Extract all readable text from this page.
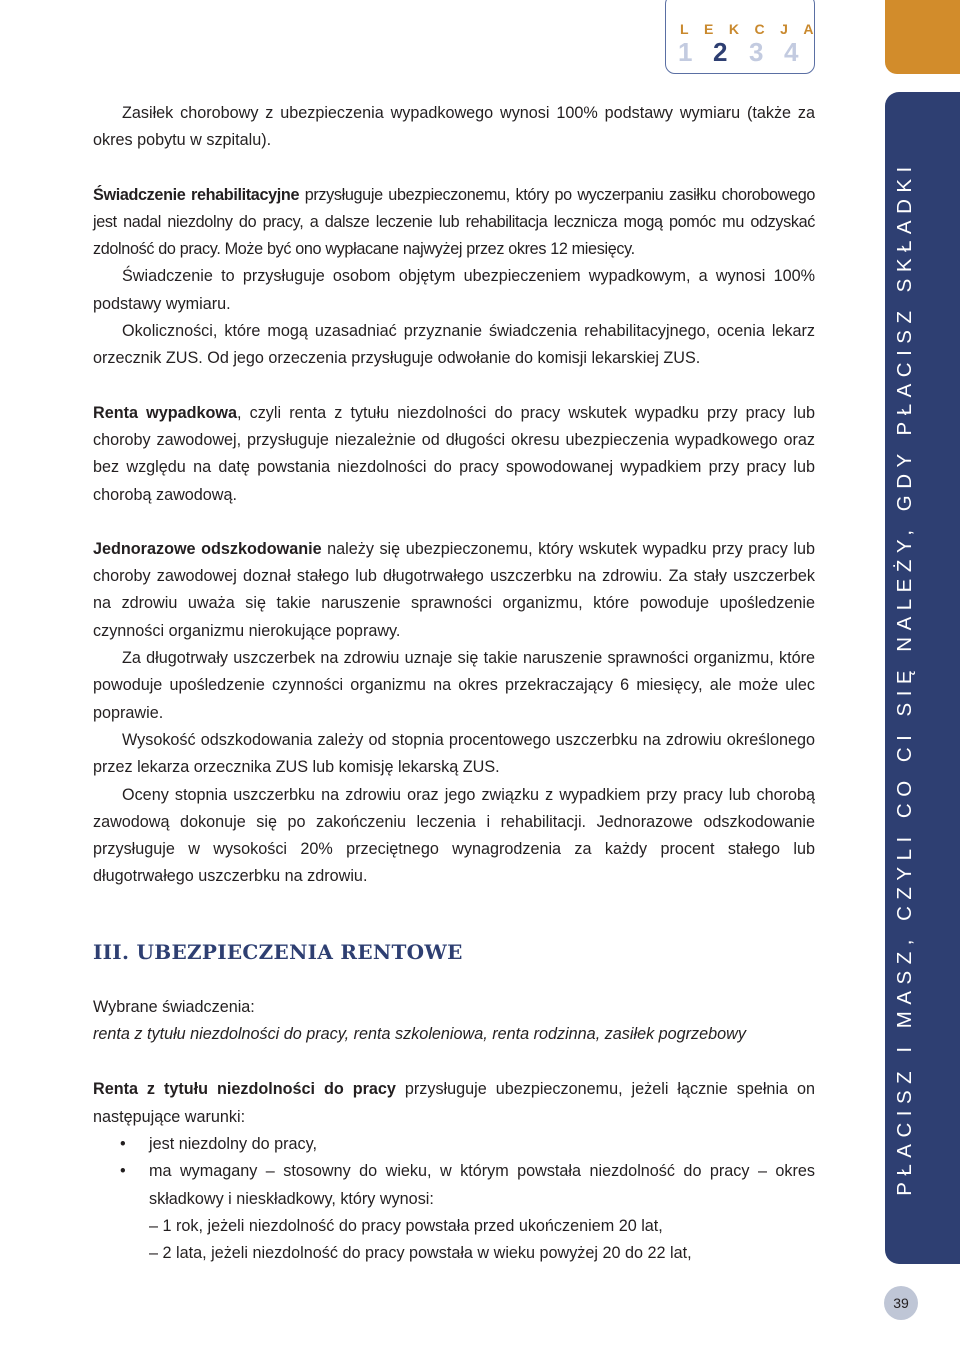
LEKCJA
1 2 3 4
PŁACISZ I MASZ, CZYLI CO CI SIĘ NALEŻY, GDY PŁACISZ SKŁADKI
39

Zasiłek chorobowy z ubezpieczenia wypadkowego wynosi 100% podstawy wymiaru (także za okres pobytu w szpitalu).

Świadczenie rehabilitacyjne przysługuje ubezpieczonemu, który po wyczerpaniu zasiłku chorobowego jest nadal niezdolny do pracy, a dalsze leczenie lub rehabilitacja lecznicza mogą pomóc mu odzyskać zdolność do pracy. Może być ono wypłacane najwyżej przez okres 12 miesięcy.

Świadczenie to przysługuje osobom objętym ubezpieczeniem wypadkowym, a wynosi 100% podstawy wymiaru.

Okoliczności, które mogą uzasadniać przyznanie świadczenia rehabilitacyjnego, ocenia lekarz orzecznik ZUS. Od jego orzeczenia przysługuje odwołanie do komisji lekarskiej ZUS.

Renta wypadkowa, czyli renta z tytułu niezdolności do pracy wskutek wypadku przy pracy lub choroby zawodowej, przysługuje niezależnie od długości okresu ubezpieczenia wypadkowego oraz bez względu na datę powstania niezdolności do pracy spowodowanej wypadkiem przy pracy lub chorobą zawodową.

Jednorazowe odszkodowanie należy się ubezpieczonemu, który wskutek wypadku przy pracy lub choroby zawodowej doznał stałego lub długotrwałego uszczerbku na zdrowiu. Za stały uszczerbek na zdrowiu uważa się takie naruszenie sprawności organizmu, które powoduje upośledzenie czynności organizmu nierokujące poprawy.

Za długotrwały uszczerbek na zdrowiu uznaje się takie naruszenie sprawności organizmu, które powoduje upośledzenie czynności organizmu na okres przekraczający 6 miesięcy, ale może ulec poprawie.

Wysokość odszkodowania zależy od stopnia procentowego uszczerbku na zdrowiu określonego przez lekarza orzecznika ZUS lub komisję lekarską ZUS.

Oceny stopnia uszczerbku na zdrowiu oraz jego związku z wypadkiem przy pracy lub chorobą zawodową dokonuje się po zakończeniu leczenia i rehabilitacji. Jednorazowe odszkodowanie przysługuje w wysokości 20% przeciętnego wynagrodzenia za każdy procent stałego lub długotrwałego uszczerbku na zdrowiu.

III. UBEZPIECZENIA RENTOWE

Wybrane świadczenia:

renta z tytułu niezdolności do pracy, renta szkoleniowa, renta rodzinna, zasiłek pogrzebowy

Renta z tytułu niezdolności do pracy przysługuje ubezpieczonemu, jeżeli łącznie spełnia on następujące warunki:

• jest niezdolny do pracy,
• ma wymagany – stosowny do wieku, w którym powstała niezdolność do pracy – okres składkowy i nieskładkowy, który wynosi:

– 1 rok, jeżeli niezdolność do pracy powstała przed ukończeniem 20 lat,

– 2 lata, jeżeli niezdolność do pracy powstała w wieku powyżej 20 do 22 lat,
